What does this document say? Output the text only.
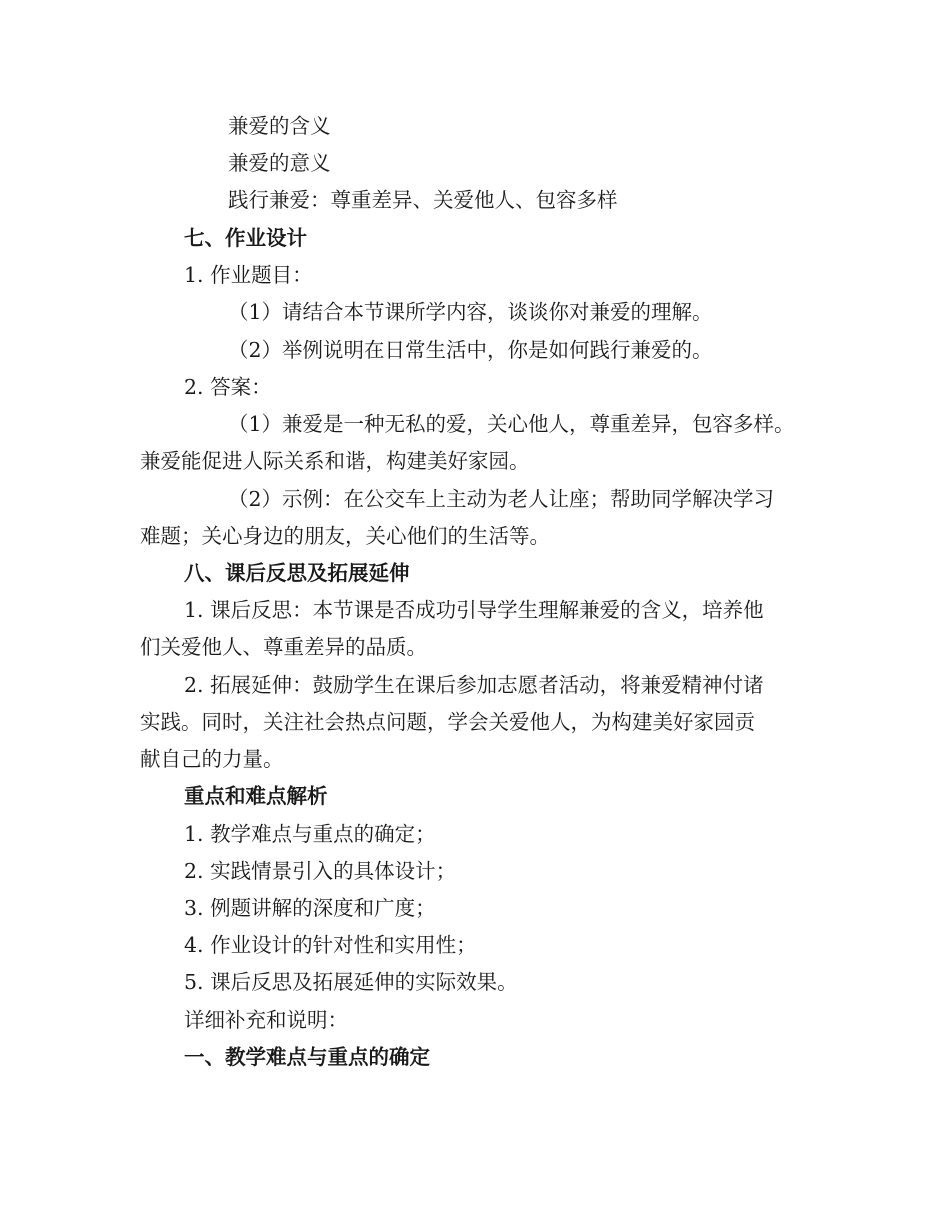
兼爱的含义

兼爱的意义

践行兼爱：尊重差异、关爱他人、包容多样

七、作业设计

1. 作业题目：

（1）请结合本节课所学内容，谈谈你对兼爱的理解。

（2）举例说明在日常生活中，你是如何践行兼爱的。

2. 答案：

（1）兼爱是一种无私的爱，关心他人，尊重差异，包容多样。

兼爱能促进人际关系和谐，构建美好家园。

（2）示例：在公交车上主动为老人让座；帮助同学解决学习

难题；关心身边的朋友，关心他们的生活等。

八、课后反思及拓展延伸

1. 课后反思：本节课是否成功引导学生理解兼爱的含义，培养他

们关爱他人、尊重差异的品质。

2. 拓展延伸：鼓励学生在课后参加志愿者活动，将兼爱精神付诸

实践。同时，关注社会热点问题，学会关爱他人，为构建美好家园贡

献自己的力量。

重点和难点解析

1. 教学难点与重点的确定；

2. 实践情景引入的具体设计；

3. 例题讲解的深度和广度；

4. 作业设计的针对性和实用性；

5. 课后反思及拓展延伸的实际效果。

详细补充和说明：

一、教学难点与重点的确定
